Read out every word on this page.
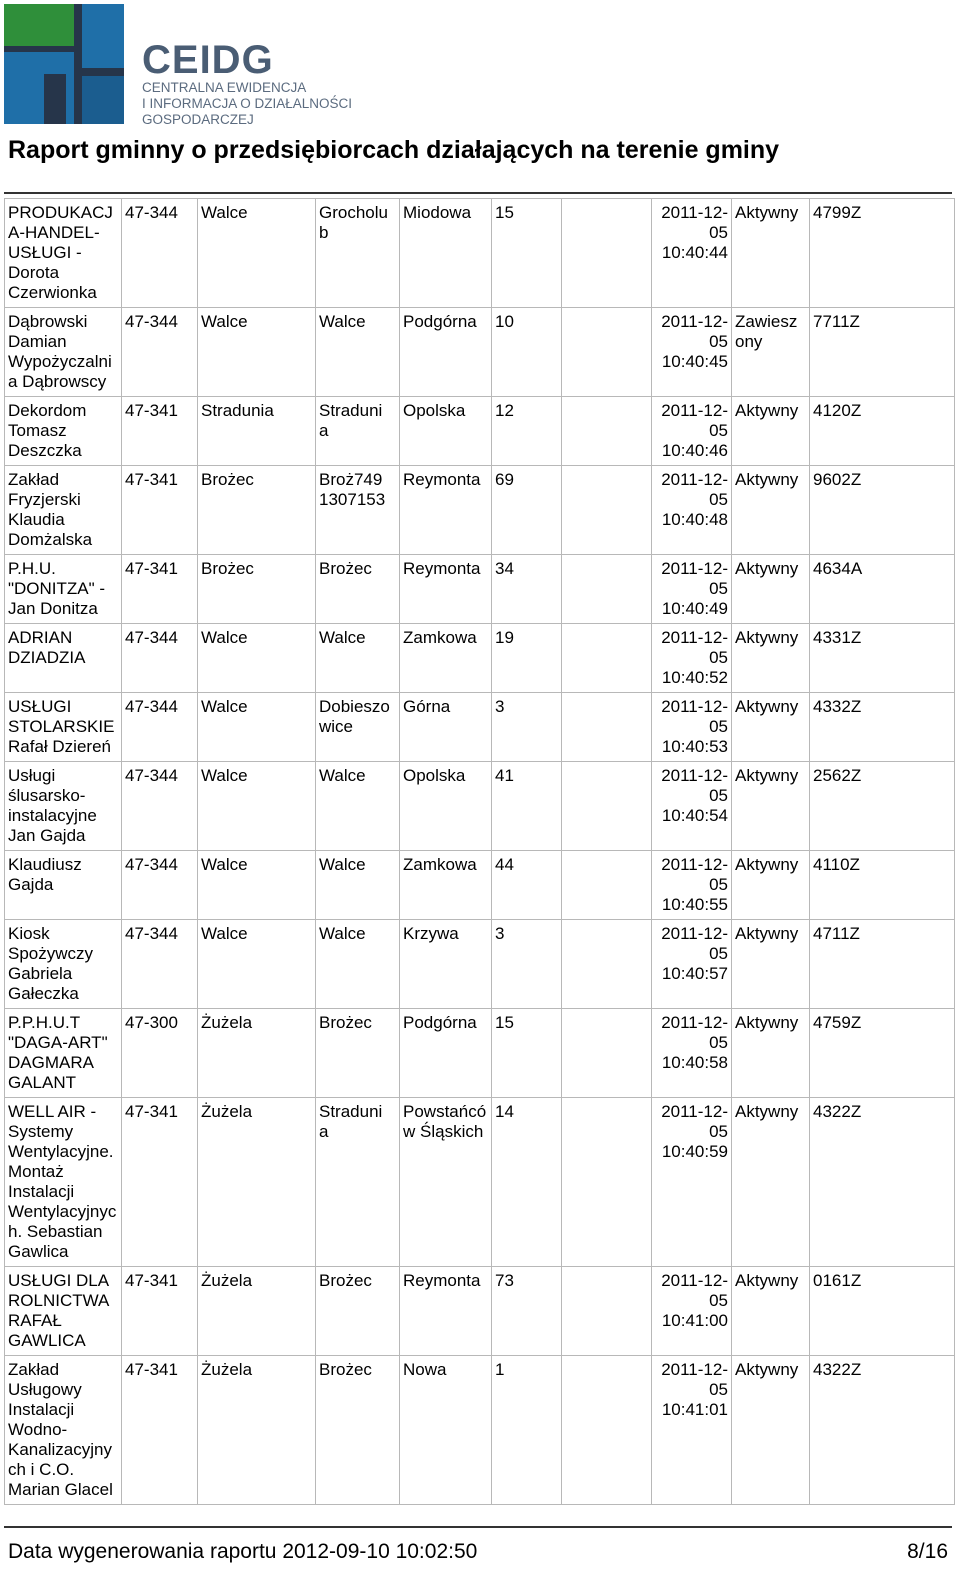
CEIDG
CENTRALNA EWIDENCJA
I INFORMACJA O DZIAŁALNOŚCI
GOSPODARCZEJ
Raport gminny o przedsiębiorcach działających na terenie gminy
PRODUKACJA-HANDEL-USŁUGI - Dorota Czerwionka	47-344	Walce	Grocholub	Miodowa	15		2011-12-05 10:40:44	Aktywny	4799Z
Dąbrowski Damian Wypożyczalnia Dąbrowscy	47-344	Walce	Walce	Podgórna	10		2011-12-05 10:40:45	Zawieszony	7711Z
Dekordom Tomasz Deszczka	47-341	Stradunia	Straduni a	Opolska	12		2011-12-05 10:40:46	Aktywny	4120Z
Zakład Fryzjerski Klaudia Domżalska	47-341	Brożec	Broż749 1307153	Reymonta	69		2011-12-05 10:40:48	Aktywny	9602Z
P.H.U. "DONITZA" - Jan Donitza	47-341	Brożec	Brożec	Reymonta	34		2011-12-05 10:40:49	Aktywny	4634A
ADRIAN DZIADZIA	47-344	Walce	Walce	Zamkowa	19		2011-12-05 10:40:52	Aktywny	4331Z
USŁUGI STOLARSKIE Rafał Dziereń	47-344	Walce	Dobieszowice	Górna	3		2011-12-05 10:40:53	Aktywny	4332Z
Usługi ślusarsko-instalacyjne Jan Gajda	47-344	Walce	Walce	Opolska	41		2011-12-05 10:40:54	Aktywny	2562Z
Klaudiusz Gajda	47-344	Walce	Walce	Zamkowa	44		2011-12-05 10:40:55	Aktywny	4110Z
Kiosk Spożywczy Gabriela Gałeczka	47-344	Walce	Walce	Krzywa	3		2011-12-05 10:40:57	Aktywny	4711Z
P.P.H.U.T "DAGA-ART" DAGMARA GALANT	47-300	Żużela	Brożec	Podgórna	15		2011-12-05 10:40:58	Aktywny	4759Z
WELL AIR - Systemy Wentylacyjne. Montaż Instalacji Wentylacyjnych. Sebastian Gawlica	47-341	Żużela	Straduni a	Powstańców Śląskich	14		2011-12-05 10:40:59	Aktywny	4322Z
USŁUGI DLA ROLNICTWA RAFAŁ GAWLICA	47-341	Żużela	Brożec	Reymonta	73		2011-12-05 10:41:00	Aktywny	0161Z
Zakład Usługowy Instalacji Wodno-Kanalizacyjnych i C.O. Marian Glacel	47-341	Żużela	Brożec	Nowa	1		2011-12-05 10:41:01	Aktywny	4322Z
Data wygenerowania raportu 2012-09-10 10:02:50	8/16
